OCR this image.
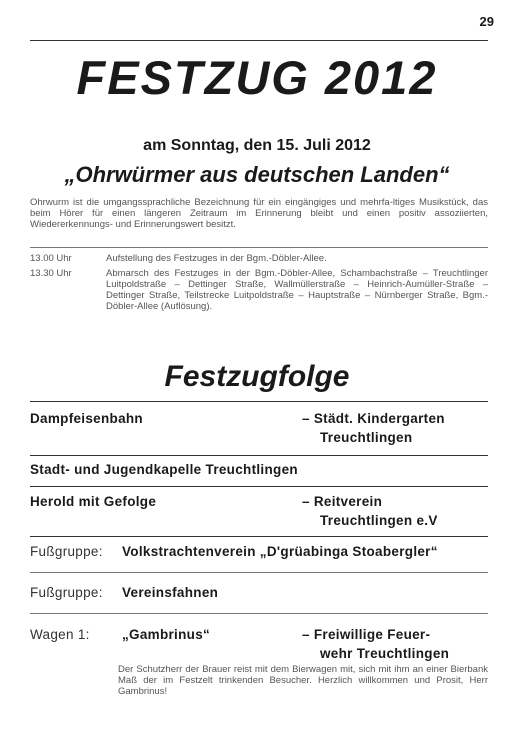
29
FESTZUG 2012
am Sonntag, den 15. Juli 2012
„Ohrwürmer aus deutschen Landen“
Ohrwurm ist die umgangssprachliche Bezeichnung für ein eingängiges und mehrfa-ltiges Musikstück, das beim Hörer für einen längeren Zeitraum im Erinnerung bleibt und einen positiv assoziierten, Wiedererkennungs- und Erinnerungswert besitzt.
13.00 Uhr	Aufstellung des Festzuges in der Bgm.-Döbler-Allee.
13.30 Uhr	Abmarsch des Festzuges in der Bgm.-Döbler-Allee, Schambachstraße – Treuchtlinger Luitpoldstraße – Dettinger Straße, Wallmüllerstraße – Heinrich-Aumüller-Straße – Dettinger Straße, Teilstrecke Luitpoldstraße – Hauptstraße – Nürnberger Straße, Bgm.-Döbler-Allee (Auflösung).
Festzugfolge
Dampfeisenbahn	– Städt. Kindergarten
Treuchtlingen
Stadt- und Jugendkapelle Treuchtlingen
Herold mit Gefolge	– Reitverein
Treuchtlingen e.V
Fußgruppe: Volkstrachtenverein „D'grüabinga Stoabergler“
Fußgruppe: Vereinsfahnen
Wagen 1: „Gambrinus“	– Freiwillige Feuer-
wehr Treuchtlingen
Der Schutzherr der Brauer reist mit dem Bierwagen mit, sich mit ihm an einer Bierbank Maß der im Festzelt trinkenden Besucher. Herzlich willkommen und Prosit, Herr Gambrinus!
